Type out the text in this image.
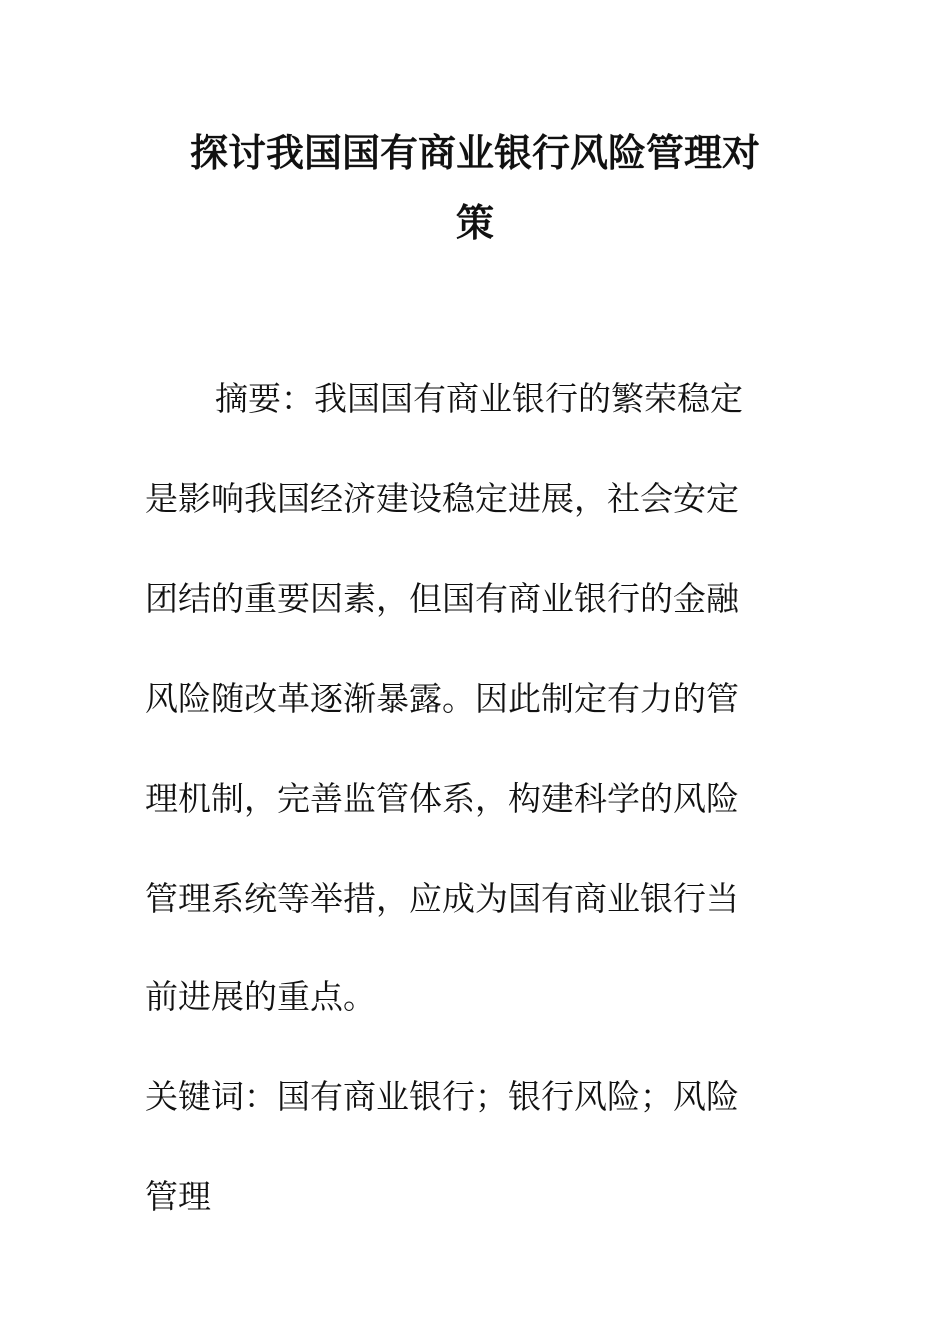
探讨我国国有商业银行风险管理对
策
摘要：我国国有商业银行的繁荣稳定
是影响我国经济建设稳定进展，社会安定
团结的重要因素，但国有商业银行的金融
风险随改革逐渐暴露。因此制定有力的管
理机制，完善监管体系，构建科学的风险
管理系统等举措，应成为国有商业银行当
前进展的重点。
关键词：国有商业银行；银行风险；风险
管理
